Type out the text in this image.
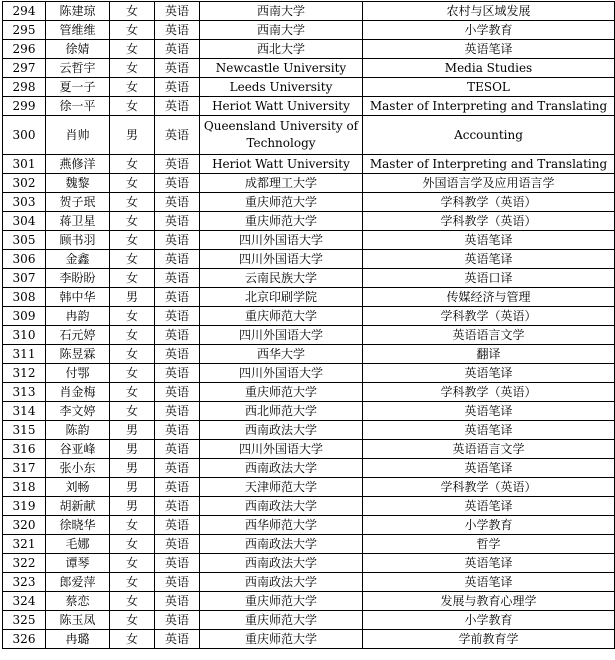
294	陈建琼	女	英语	西南大学	农村与区域发展
295	管维维	女	英语	西南大学	小学教育
296	徐婧	女	英语	西北大学	英语笔译
297	云哲宇	女	英语	Newcastle University	Media Studies
298	夏一子	女	英语	Leeds University	TESOL
299	徐一平	女	英语	Heriot Watt University	Master of Interpreting and Translating
300	肖帅	男	英语	Queensland University of Technology	Accounting
301	燕修洋	女	英语	Heriot Watt University	Master of Interpreting and Translating
302	魏黎	女	英语	成都理工大学	外国语言学及应用语言学
303	贺子珉	女	英语	重庆师范大学	学科教学（英语）
304	蒋卫星	女	英语	重庆师范大学	学科教学（英语）
305	顾书羽	女	英语	四川外国语大学	英语笔译
306	金鑫	女	英语	四川外国语大学	英语笔译
307	李盼盼	女	英语	云南民族大学	英语口译
308	韩中华	男	英语	北京印刷学院	传媒经济与管理
309	冉韵	女	英语	重庆师范大学	学科教学（英语）
310	石元婷	女	英语	四川外国语大学	英语语言文学
311	陈昱霖	女	英语	西华大学	翻译
312	付鄂	女	英语	四川外国语大学	英语笔译
313	肖金梅	女	英语	重庆师范大学	学科教学（英语）
314	李文婷	女	英语	西北师范大学	英语笔译
315	陈韵	男	英语	西南政法大学	英语笔译
316	谷亚峰	男	英语	四川外国语大学	英语语言文学
317	张小东	男	英语	西南政法大学	英语笔译
318	刘畅	男	英语	天津师范大学	学科教学（英语）
319	胡新献	男	英语	西南政法大学	英语笔译
320	徐晓华	女	英语	西华师范大学	小学教育
321	毛娜	女	英语	西南政法大学	哲学
322	谭琴	女	英语	西南政法大学	英语笔译
323	郎爱萍	女	英语	西南政法大学	英语笔译
324	蔡恋	女	英语	重庆师范大学	发展与教育心理学
325	陈玉凤	女	英语	重庆师范大学	小学教育
326	冉璐	女	英语	重庆师范大学	学前教育学
